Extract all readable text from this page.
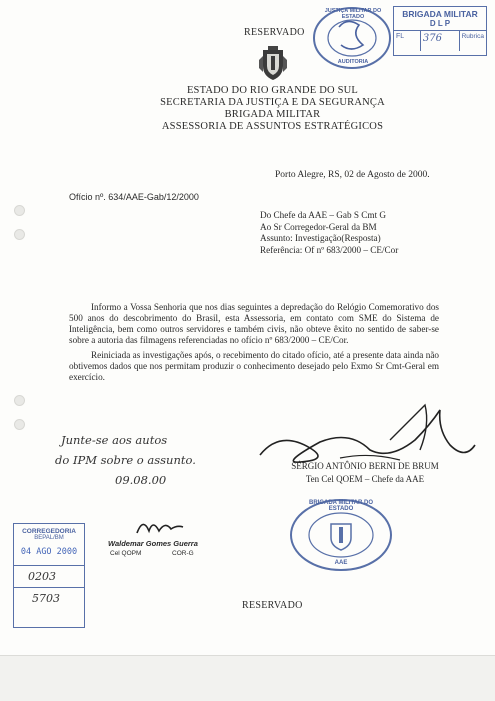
RESERVADO
ESTADO DO RIO GRANDE DO SUL
SECRETARIA DA JUSTIÇA E DA SEGURANÇA
BRIGADA MILITAR
ASSESSORIA DE ASSUNTOS ESTRATÉGICOS
JUSTIÇA MILITAR DO ESTADO
AUDITORIA
BRIGADA MILITAR
D L P
FL	376	Rubrica
Porto Alegre, RS, 02 de Agosto de 2000.
Ofício nº. 634/AAE-Gab/12/2000
Do Chefe da AAE – Gab S Cmt G
Ao Sr Corregedor-Geral da BM
Assunto: Investigação(Resposta)
Referência: Of nº 683/2000 – CE/Cor
Informo a Vossa Senhoria que nos dias seguintes a depredação do Relógio Comemorativo dos 500 anos do descobrimento do Brasil, esta Assessoria, em contato com SME do Sistema de Inteligência, bem como outros servidores e também civis, não obteve êxito no sentido de saber-se sobre a autoria das filmagens referenciadas no ofício nº 683/2000 – CE/Cor.
Reiniciada as investigações após, o recebimento do citado ofício, até a presente data ainda não obtivemos dados que nos permitam produzir o conhecimento desejado pelo Exmo Sr Cmt-Geral em exercício.
SÉRGIO ANTÔNIO BERNI DE BRUM
Ten Cel QOEM – Chefe da AAE
Junte-se aos autos
do IPM sobre o assunto.
09.08.00
BRIGADA MILITAR DO ESTADO
AAE
CORREGEDORIA
BEPAL/BM
04 AGO 2000
0203
5703
Waldemar Gomes Guerra
Cel QOPM	COR-G
RESERVADO
